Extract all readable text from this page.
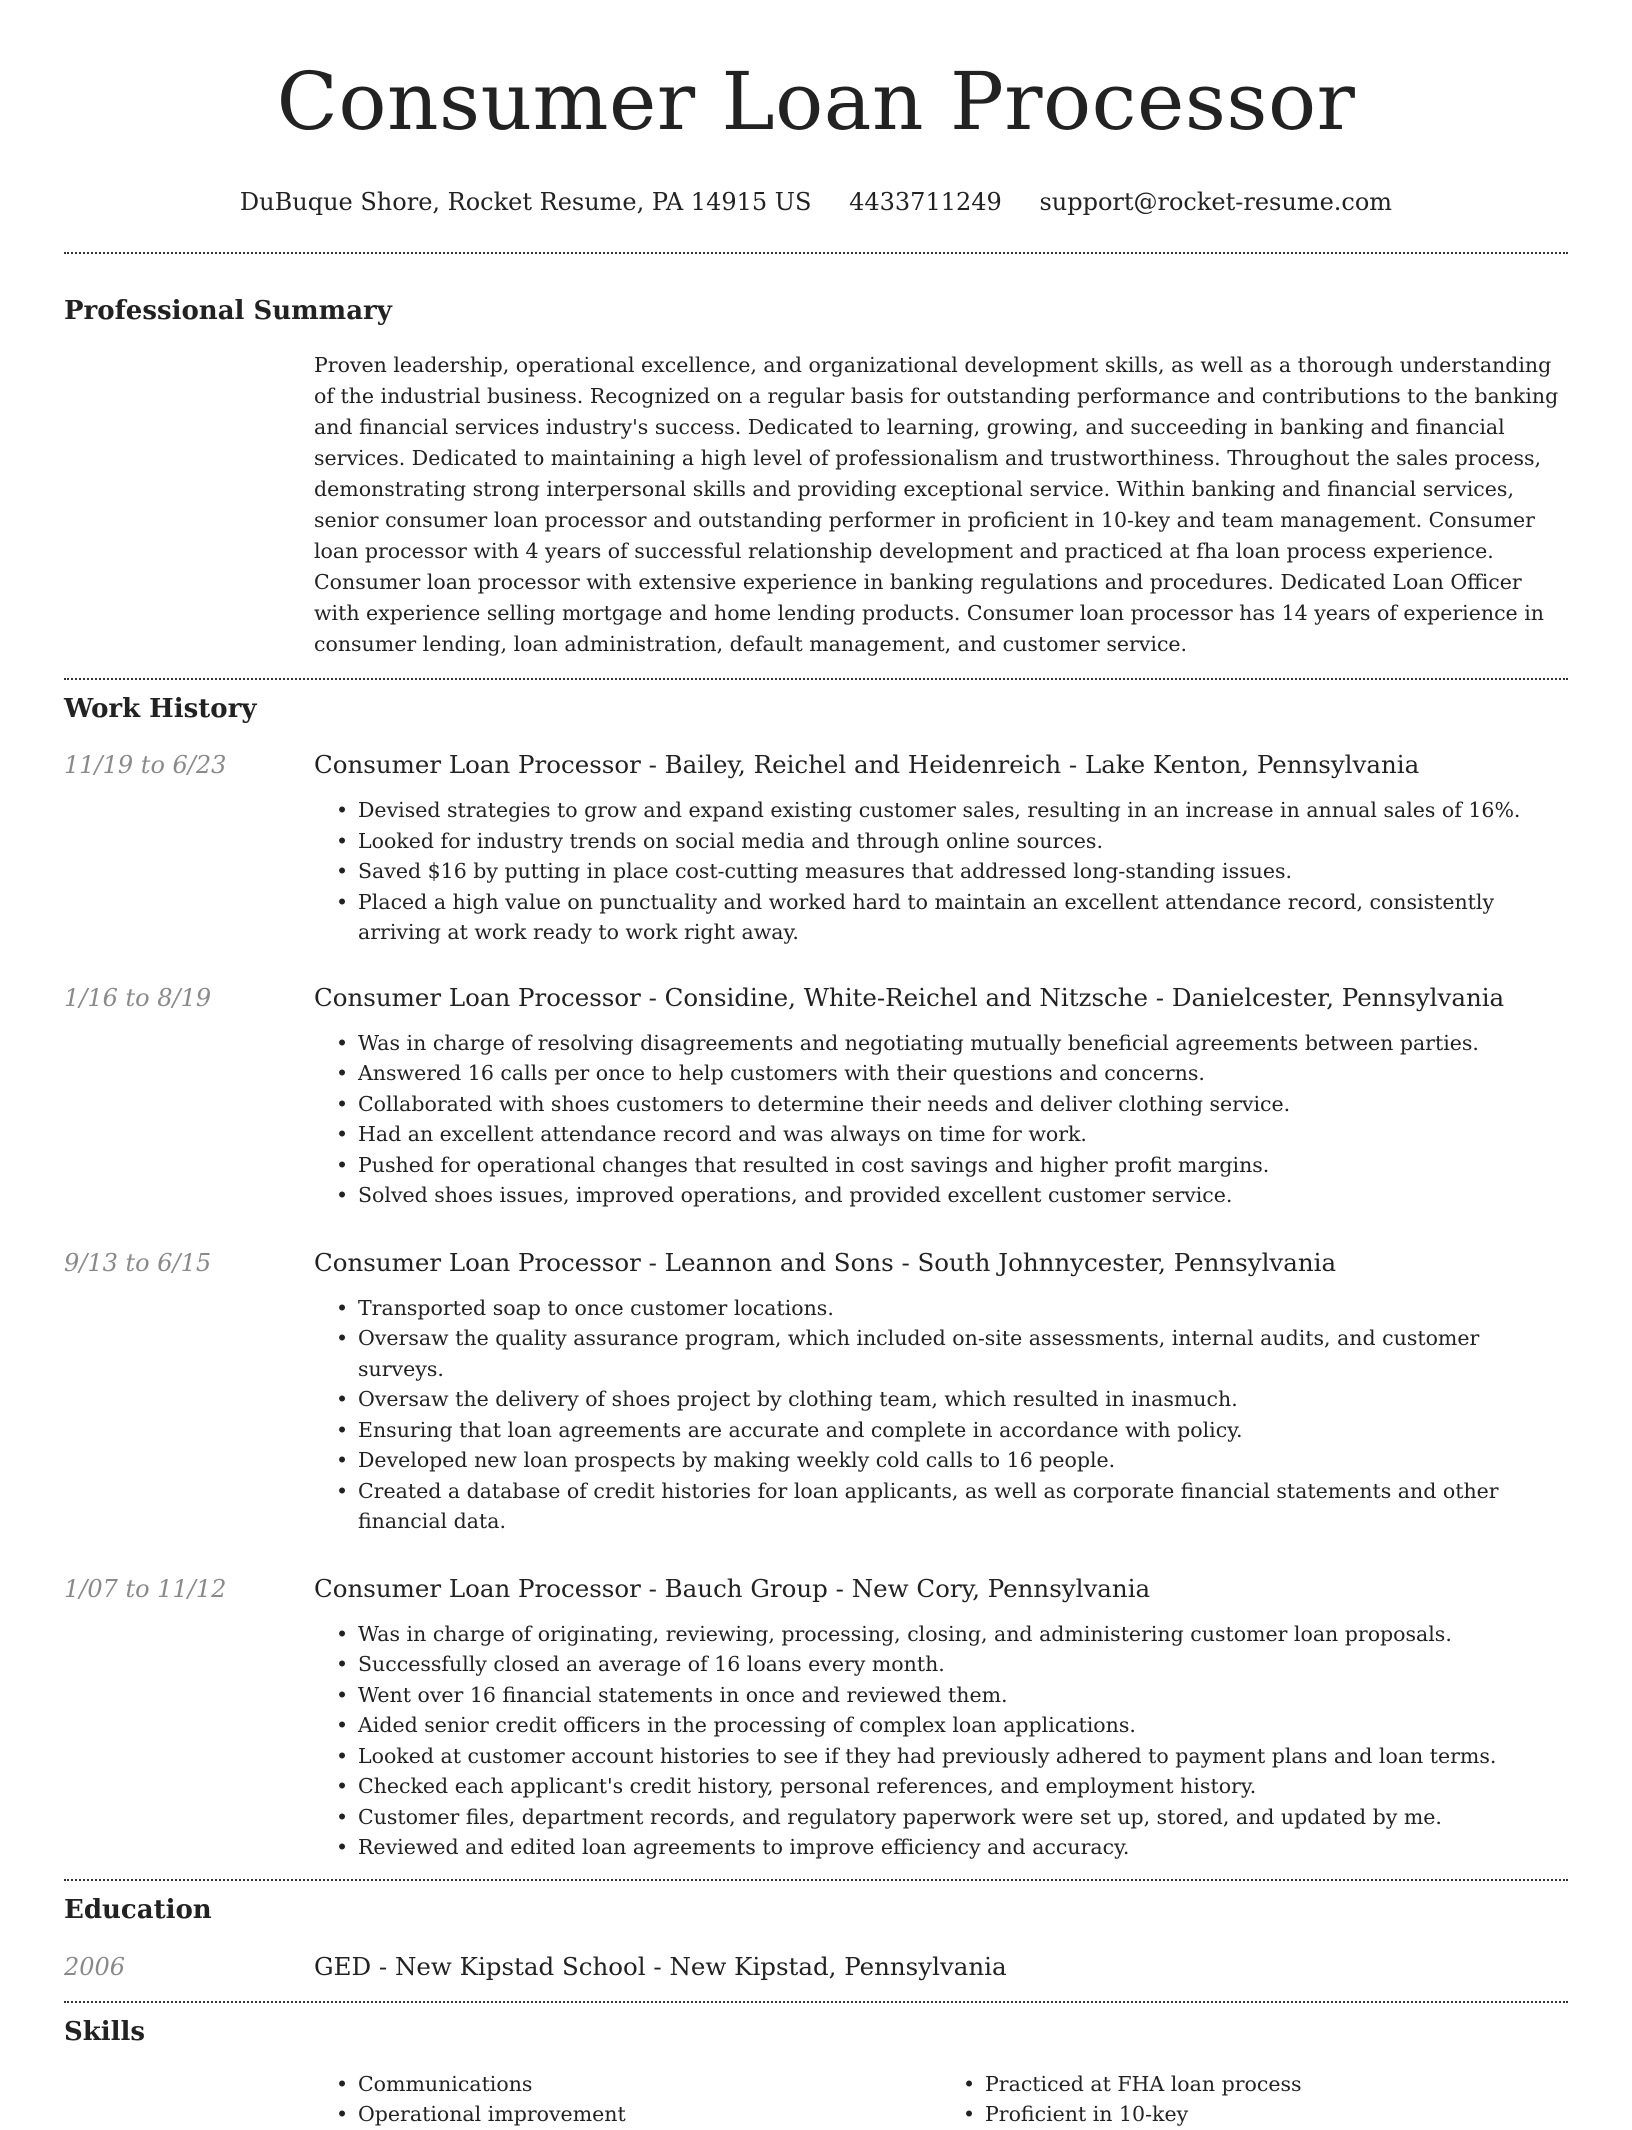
Consumer Loan Processor
DuBuque Shore, Rocket Resume, PA 14915 US 4433711249 support@rocket-resume.com
Professional Summary

Proven leadership, operational excellence, and organizational development skills, as well as a thorough understanding of the industrial business. Recognized on a regular basis for outstanding performance and contributions to the banking and financial services industry's success. Dedicated to learning, growing, and succeeding in banking and financial services. Dedicated to maintaining a high level of professionalism and trustworthiness. Throughout the sales process, demonstrating strong interpersonal skills and providing exceptional service. Within banking and financial services, senior consumer loan processor and outstanding performer in proficient in 10-key and team management. Consumer loan processor with 4 years of successful relationship development and practiced at fha loan process experience. Consumer loan processor with extensive experience in banking regulations and procedures. Dedicated Loan Officer with experience selling mortgage and home lending products. Consumer loan processor has 14 years of experience in consumer lending, loan administration, default management, and customer service.

Work History
11/19 to 6/23	Consumer Loan Processor - Bailey, Reichel and Heidenreich - Lake Kenton, Pennsylvania
• Devised strategies to grow and expand existing customer sales, resulting in an increase in annual sales of 16%.
• Looked for industry trends on social media and through online sources.
• Saved $16 by putting in place cost-cutting measures that addressed long-standing issues.
• Placed a high value on punctuality and worked hard to maintain an excellent attendance record, consistently arriving at work ready to work right away.
1/16 to 8/19	Consumer Loan Processor - Considine, White-Reichel and Nitzsche - Danielcester, Pennsylvania
• Was in charge of resolving disagreements and negotiating mutually beneficial agreements between parties.
• Answered 16 calls per once to help customers with their questions and concerns.
• Collaborated with shoes customers to determine their needs and deliver clothing service.
• Had an excellent attendance record and was always on time for work.
• Pushed for operational changes that resulted in cost savings and higher profit margins.
• Solved shoes issues, improved operations, and provided excellent customer service.
9/13 to 6/15	Consumer Loan Processor - Leannon and Sons - South Johnnycester, Pennsylvania
• Transported soap to once customer locations.
• Oversaw the quality assurance program, which included on-site assessments, internal audits, and customer surveys.
• Oversaw the delivery of shoes project by clothing team, which resulted in inasmuch.
• Ensuring that loan agreements are accurate and complete in accordance with policy.
• Developed new loan prospects by making weekly cold calls to 16 people.
• Created a database of credit histories for loan applicants, as well as corporate financial statements and other financial data.
1/07 to 11/12	Consumer Loan Processor - Bauch Group - New Cory, Pennsylvania
• Was in charge of originating, reviewing, processing, closing, and administering customer loan proposals.
• Successfully closed an average of 16 loans every month.
• Went over 16 financial statements in once and reviewed them.
• Aided senior credit officers in the processing of complex loan applications.
• Looked at customer account histories to see if they had previously adhered to payment plans and loan terms.
• Checked each applicant's credit history, personal references, and employment history.
• Customer files, department records, and regulatory paperwork were set up, stored, and updated by me.
• Reviewed and edited loan agreements to improve efficiency and accuracy.
Education
2006	GED - New Kipstad School - New Kipstad, Pennsylvania
Skills
• Communications
• Operational improvement
• Practiced at FHA loan process
• Proficient in 10-key
